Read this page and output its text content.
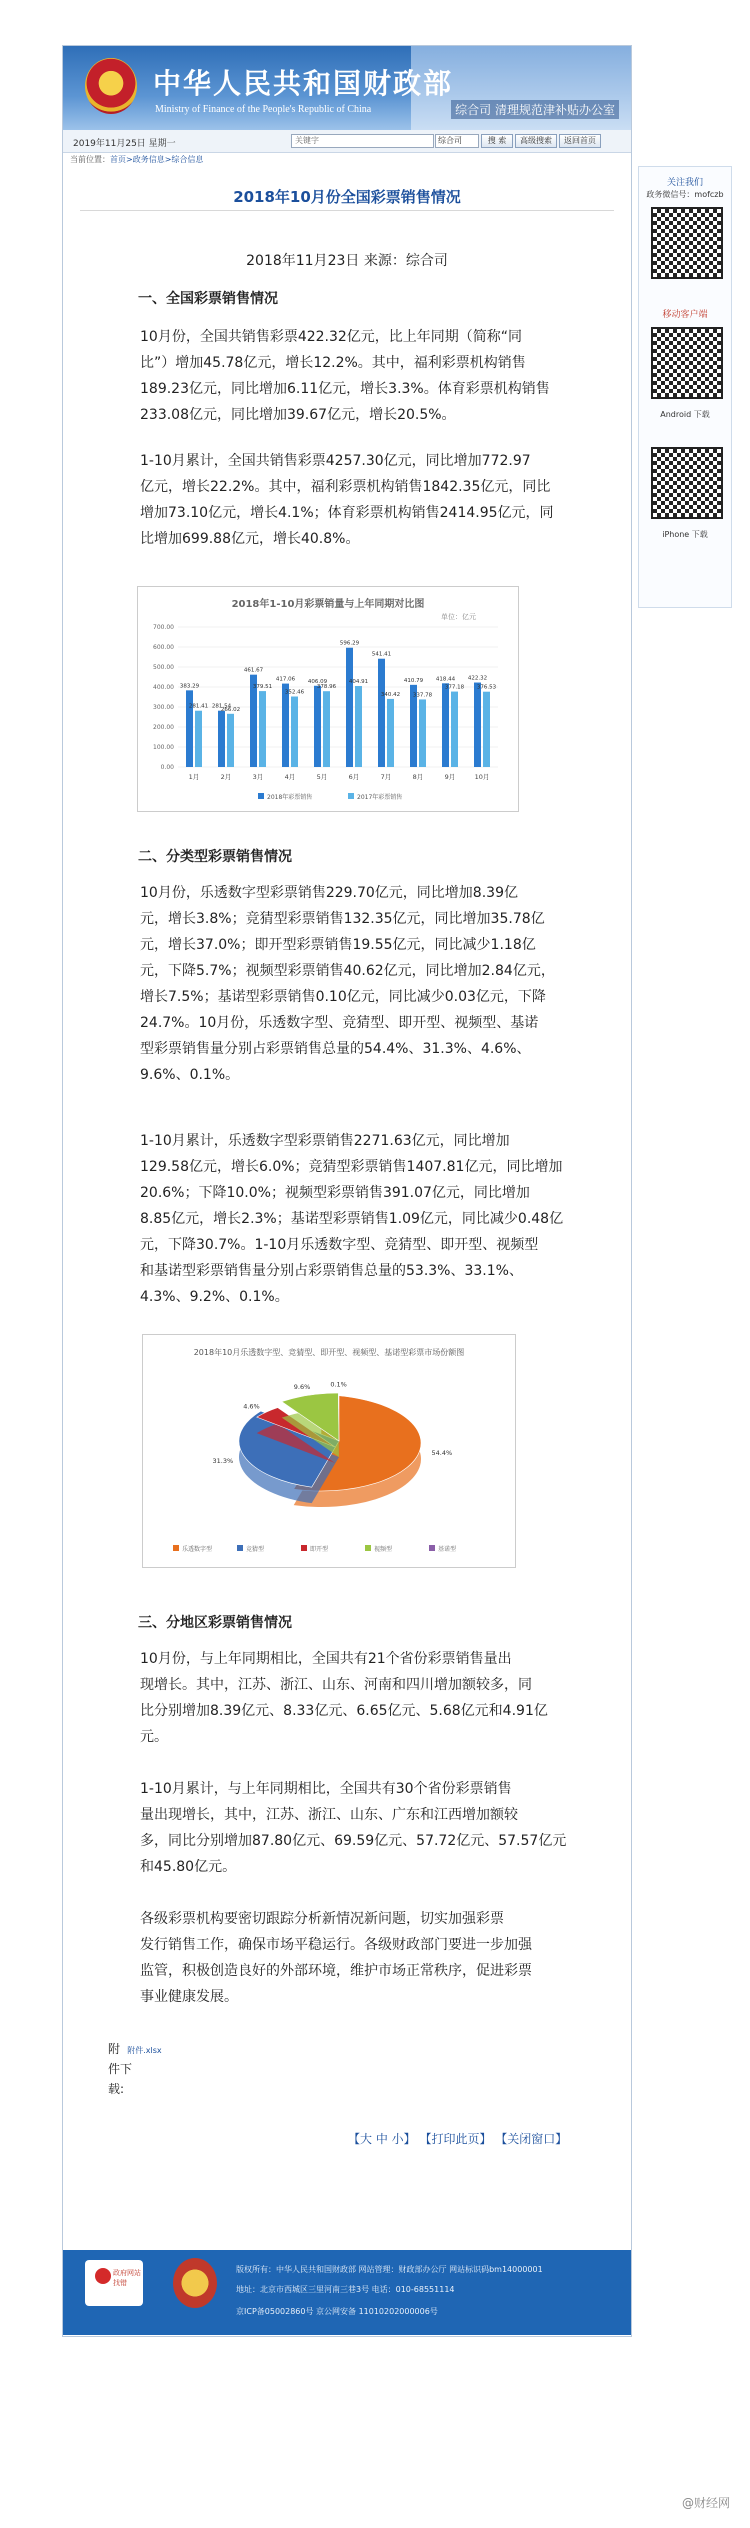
中华人民共和国财政部
Ministry of Finance of the People's Republic of China	综合司 清理规范津补贴办公室
2019年11月25日 星期一	关键字	综合司	搜 索	高级搜索	返回首页
当前位置：首页>政务信息>综合信息
关注我们
政务微信号：mofczb
移动客户端
Android 下载
iPhone 下载
2018年10月份全国彩票销售情况
2018年11月23日 来源：综合司
一、全国彩票销售情况
10月份，全国共销售彩票422.32亿元，比上年同期（简称“同
比”）增加45.78亿元，增长12.2%。其中，福利彩票机构销售
189.23亿元，同比增加6.11亿元，增长3.3%。体育彩票机构销售
233.08亿元，同比增加39.67亿元，增长20.5%。
1-10月累计，全国共销售彩票4257.30亿元，同比增加772.97
亿元，增长22.2%。其中，福利彩票机构销售1842.35亿元，同比
增加73.10亿元，增长4.1%；体育彩票机构销售2414.95亿元，同
比增加699.88亿元，增长40.8%。
2018年1-10月彩票销量与上年同期对比图
单位：亿元
0.00
100.00
200.00
300.00
400.00
500.00
600.00
700.00
383.29
281.41
1月
281.54
266.02
2月
461.67
379.51
3月
417.06
352.46
4月
406.09
378.96
5月
596.29
404.91
6月
541.41
340.42
7月
410.79
337.78
8月
418.44
377.18
9月
422.32
376.53
10月
2018年彩票销售	2017年彩票销售
二、分类型彩票销售情况
10月份，乐透数字型彩票销售229.70亿元，同比增加8.39亿
元，增长3.8%；竞猜型彩票销售132.35亿元，同比增加35.78亿
元，增长37.0%；即开型彩票销售19.55亿元，同比减少1.18亿
元，下降5.7%；视频型彩票销售40.62亿元，同比增加2.84亿元，
增长7.5%；基诺型彩票销售0.10亿元，同比减少0.03亿元，下降
24.7%。10月份，乐透数字型、竞猜型、即开型、视频型、基诺
型彩票销售量分别占彩票销售总量的54.4%、31.3%、4.6%、
9.6%、0.1%。
1-10月累计，乐透数字型彩票销售2271.63亿元，同比增加
129.58亿元，增长6.0%；竞猜型彩票销售1407.81亿元，同比增加
20.6%；下降10.0%；视频型彩票销售391.07亿元，同比增加
8.85亿元，增长2.3%；基诺型彩票销售1.09亿元，同比减少0.48亿
元，下降30.7%。1-10月乐透数字型、竞猜型、即开型、视频型
和基诺型彩票销售量分别占彩票销售总量的53.3%、33.1%、
4.3%、9.2%、0.1%。
2018年10月乐透数字型、竞猜型、即开型、视频型、基诺型彩票市场份额图
54.4%
31.3%
4.6%
9.6%	0.1%
乐透数字型	竞猜型	即开型	视频型	基诺型
三、分地区彩票销售情况
10月份，与上年同期相比，全国共有21个省份彩票销售量出
现增长。其中，江苏、浙江、山东、河南和四川增加额较多，同
比分别增加8.39亿元、8.33亿元、6.65亿元、5.68亿元和4.91亿
元。
1-10月累计，与上年同期相比，全国共有30个省份彩票销售
量出现增长，其中，江苏、浙江、山东、广东和江西增加额较
多，同比分别增加87.80亿元、69.59亿元、57.72亿元、57.57亿元
和45.80亿元。
各级彩票机构要密切跟踪分析新情况新问题，切实加强彩票
发行销售工作，确保市场平稳运行。各级财政部门要进一步加强
监管，积极创造良好的外部环境，维护市场正常秩序，促进彩票
事业健康发展。
附 附件.xlsx
件下
载:
【大 中 小】 【打印此页】 【关闭窗口】
政府网站找错
版权所有：中华人民共和国财政部 网站管理：财政部办公厅 网站标识码bm14000001
地址：北京市西城区三里河南三巷3号 电话：010-68551114
京ICP备05002860号 京公网安备 11010202000006号
@财经网
